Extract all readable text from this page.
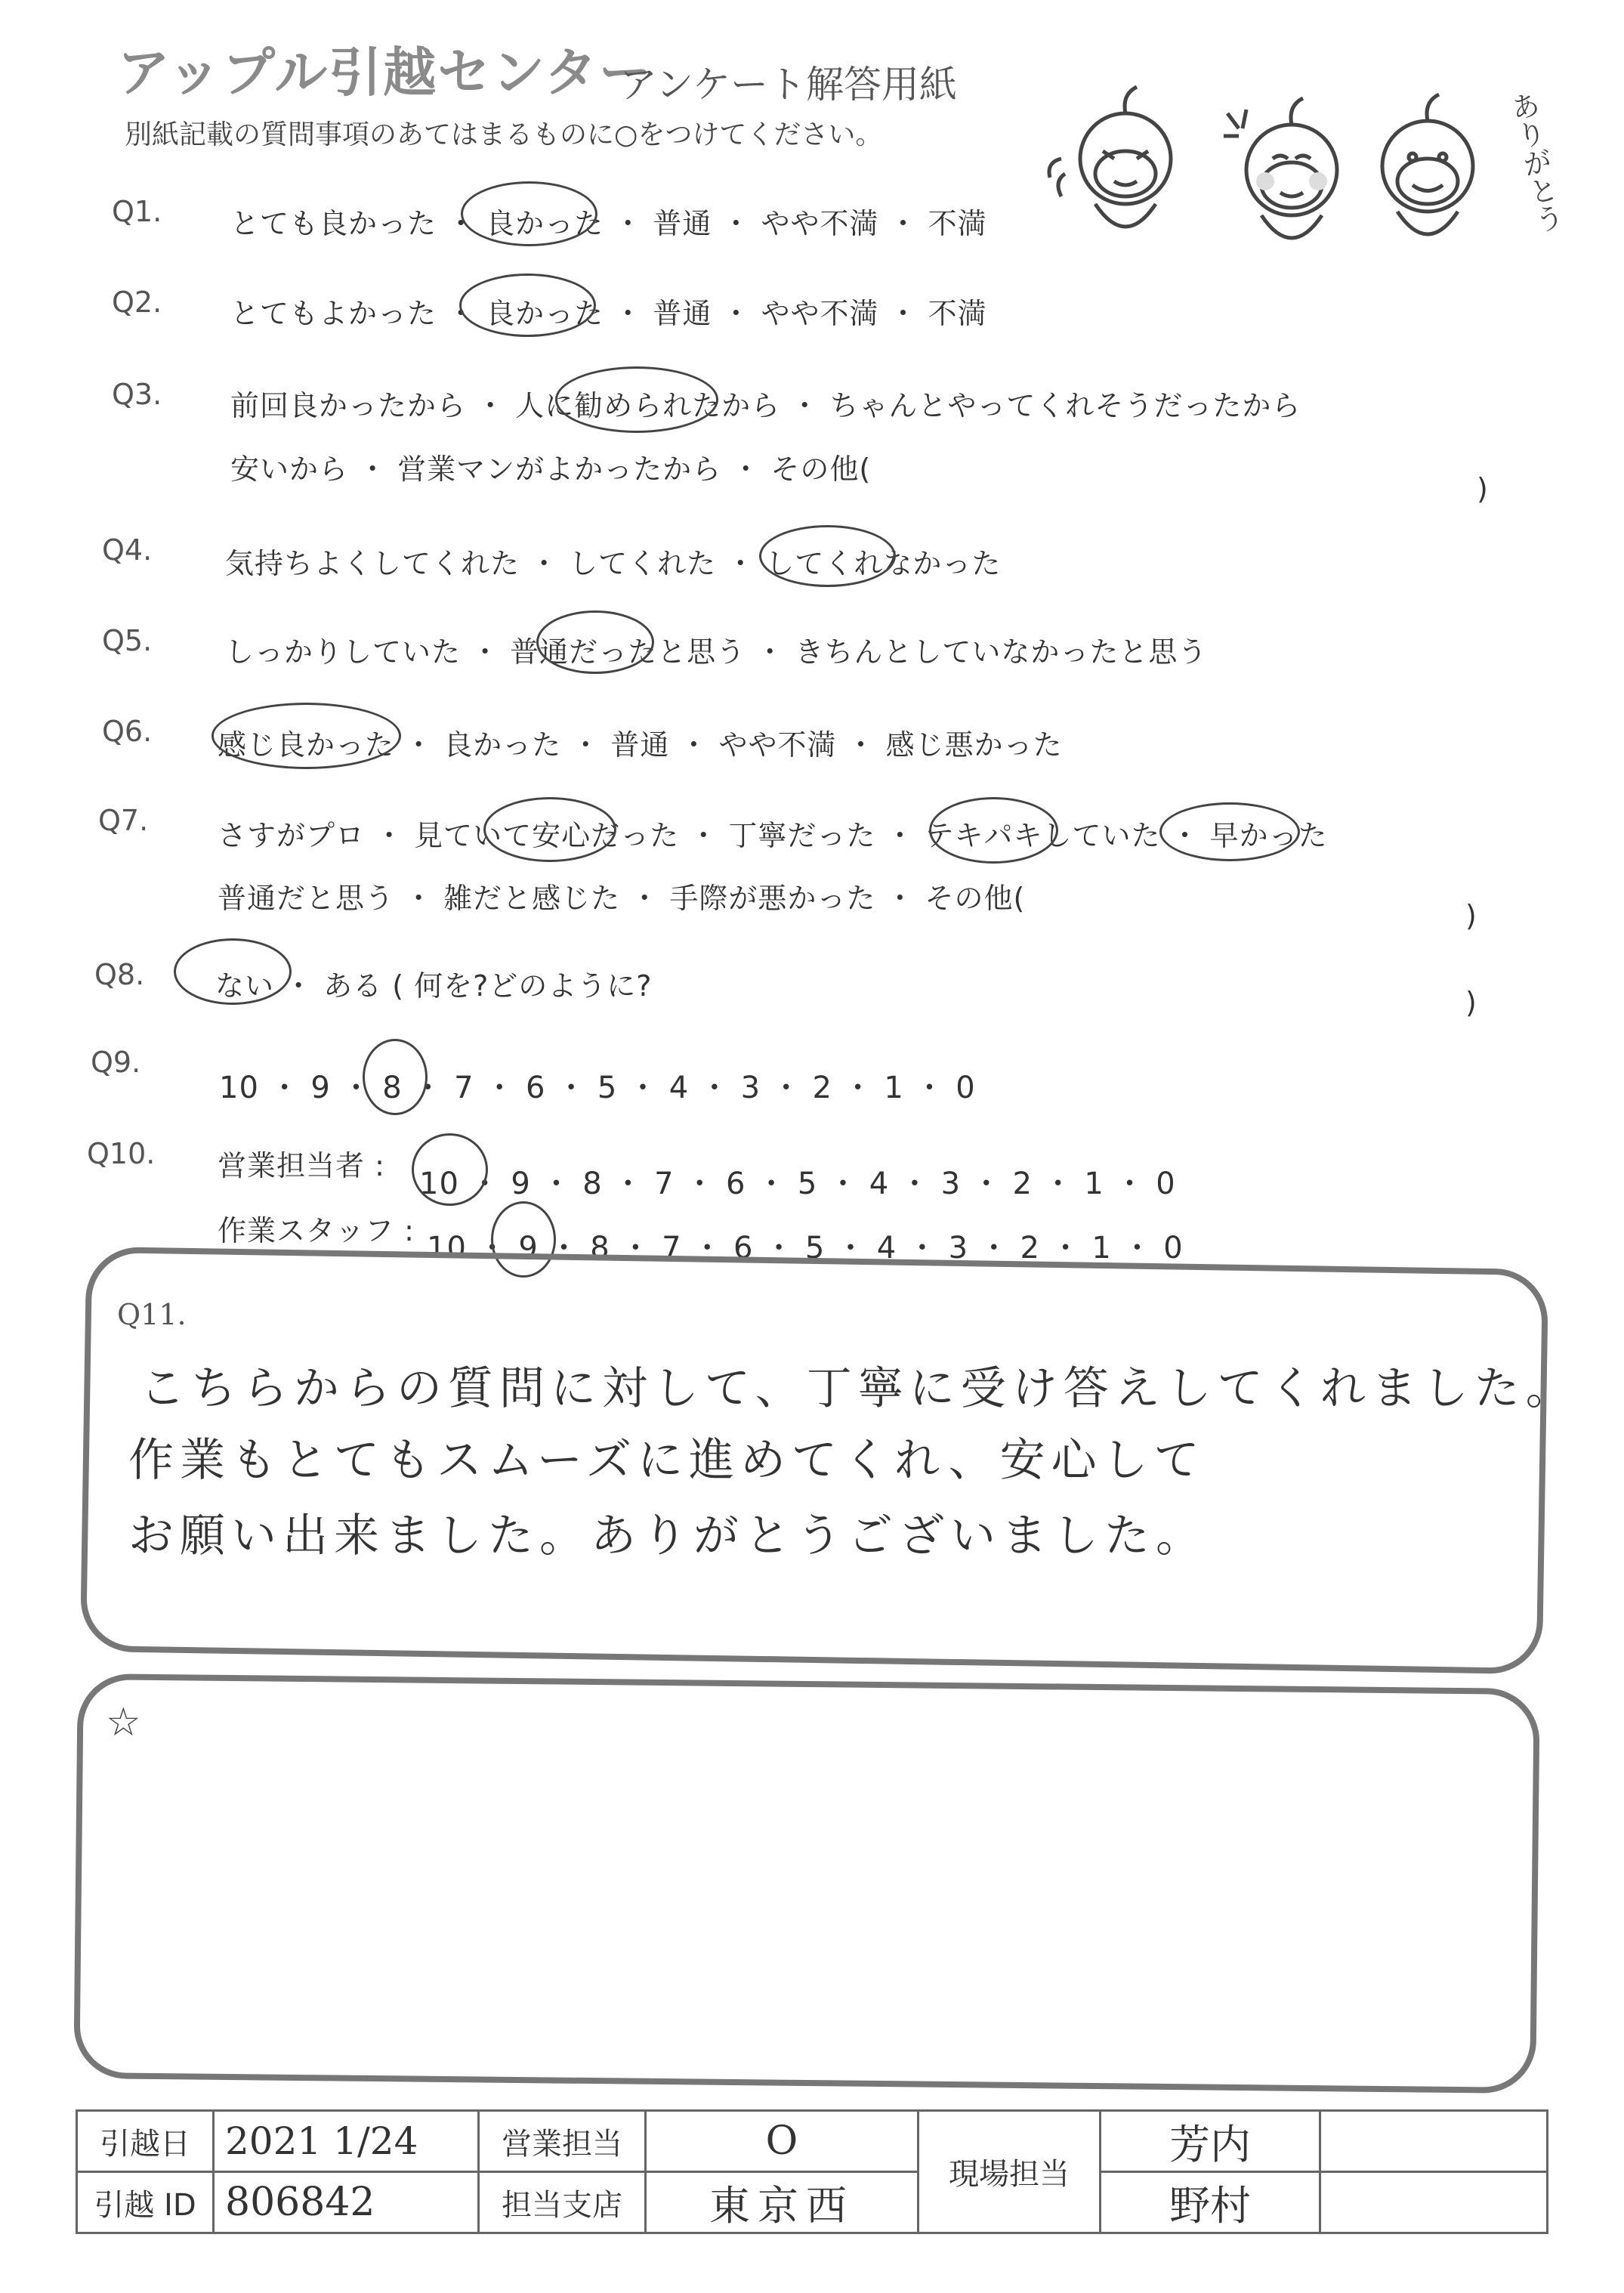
アップル引越センター
アンケート解答用紙
別紙記載の質問事項のあてはまるものに○をつけてください。	ありがとう
Q1. とても良かった ・ 良かった ・ 普通 ・ やや不満 ・ 不満
Q2. とてもよかった ・ 良かった ・ 普通 ・ やや不満 ・ 不満
Q3. 前回良かったから ・ 人に勧められたから ・ ちゃんとやってくれそうだったから
安いから ・ 営業マンがよかったから ・ その他(
)
Q4.	気持ちよくしてくれた ・ してくれた ・ してくれなかった
Q5.	しっかりしていた ・ 普通だったと思う ・ きちんとしていなかったと思う
Q6. 感じ良かった ・ 良かった ・ 普通 ・ やや不満 ・ 感じ悪かった
Q7. さすがプロ ・ 見ていて安心だった ・ 丁寧だった ・ テキパキしていた ・ 早かった
普通だと思う ・ 雑だと感じた ・ 手際が悪かった ・ その他(
)
Q8. ない ・ ある ( 何を?どのように?	)
Q9.
10 ・ 9 ・ 8 ・ 7 ・ 6 ・ 5 ・ 4 ・ 3 ・ 2 ・ 1 ・ 0
Q10. 営業担当者 :
10 ・ 9 ・ 8 ・ 7 ・ 6 ・ 5 ・ 4 ・ 3 ・ 2 ・ 1 ・ 0
作業スタッフ : 10 ・ 9 ・ 8 ・ 7 ・ 6 ・ 5 ・ 4 ・ 3 ・ 2 ・ 1 ・ 0
Q11.
こちらからの質問に対して、丁寧に受け答えしてくれました。
作業もとてもスムーズに進めてくれ、安心して
お願い出来ました。ありがとうございました。
☆
引越日	2021 1/24	営業担当	O	現場担当	芳内	
引越 ID	806842	担当支店	東京西		野村	
